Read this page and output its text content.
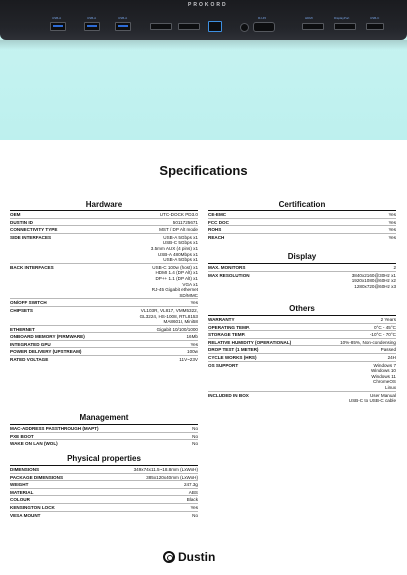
PROKORD
USB-A	USB-A	USB-A	RJ-45	HDMI	DisplayPort	USB-C
Specifications
Hardware
OEM	UTC-DOCK PD3.0
DUSTIN ID	5011725671
CONNECTIVITY TYPE	MST / DP Alt mode
SIDE INTERFACES	USB-A 5Gbps x1
USB-C 5Gbps x1
3.5mm AUX (4 pins) x1
USB-A 480Mbps x1
USB-A 5Gbps x1
BACK INTERFACES	USB-C 100w (host) x1
HDMI 1.4 (DP Alt) x1
DP++ 1.1 (DP Alt) x1
VGA x1
RJ-45 Gigabit ethernet
SD/MMC
ON/OFF SWITCH	Yes
CHIPSETS	VL103R, VL817, VMM5322,
GL3224, HS-1008, RTL8153
MA8601I, Mini58
ETHERNET	Gigabit 10/100/1000
ONBOARD MEMORY (FIRMWARE)	16Mb
INTEGRATED GPU	Yes
POWER DELIVERY (UPSTREAM)	100w
RATED VOLTAGE	11V~23V
Management
MAC-ADDRESS PASSTHROUGH (MAPT)	No
PXE BOOT	No
WAKE ON LAN (WOL)	No
Physical properties
DIMENSIONS	349x74x11.5~18.8mm (LxWxH)
PACKAGE DIMENSIONS	385x120x40mm (LxWxH)
WEIGHT	247.3g
MATERIAL	ABS
COLOUR	Black
KENSINGTON LOCK	Yes
VESA MOUNT	No
Certification
CE-EMC	Yes
FCC DOC	Yes
ROHS	Yes
REACH	Yes
Display
MAX. MONITORS	2
MAX RESOLUTION	3840x2160@30Hz x1
1920x1080@60Hz x2
1280x720@60Hz x3
Others
WARRANTY	2 Years
OPERATING TEMP.	0°C - 45°C
STORAGE TEMP.	-10°C - 70°C
RELATIVE HUMIDITY (OPERATIONAL)	10%-85%, Non-condensing
DROP TEST (1 METER)	Passed
CYCLE WORKS (HRS)	24H
OS SUPPORT	Windows 7
Windows 10
Windows 11
ChromeOS
Linux
INCLUDED IN BOX	User Manual
USB-C to USB-C cable
Dustin
